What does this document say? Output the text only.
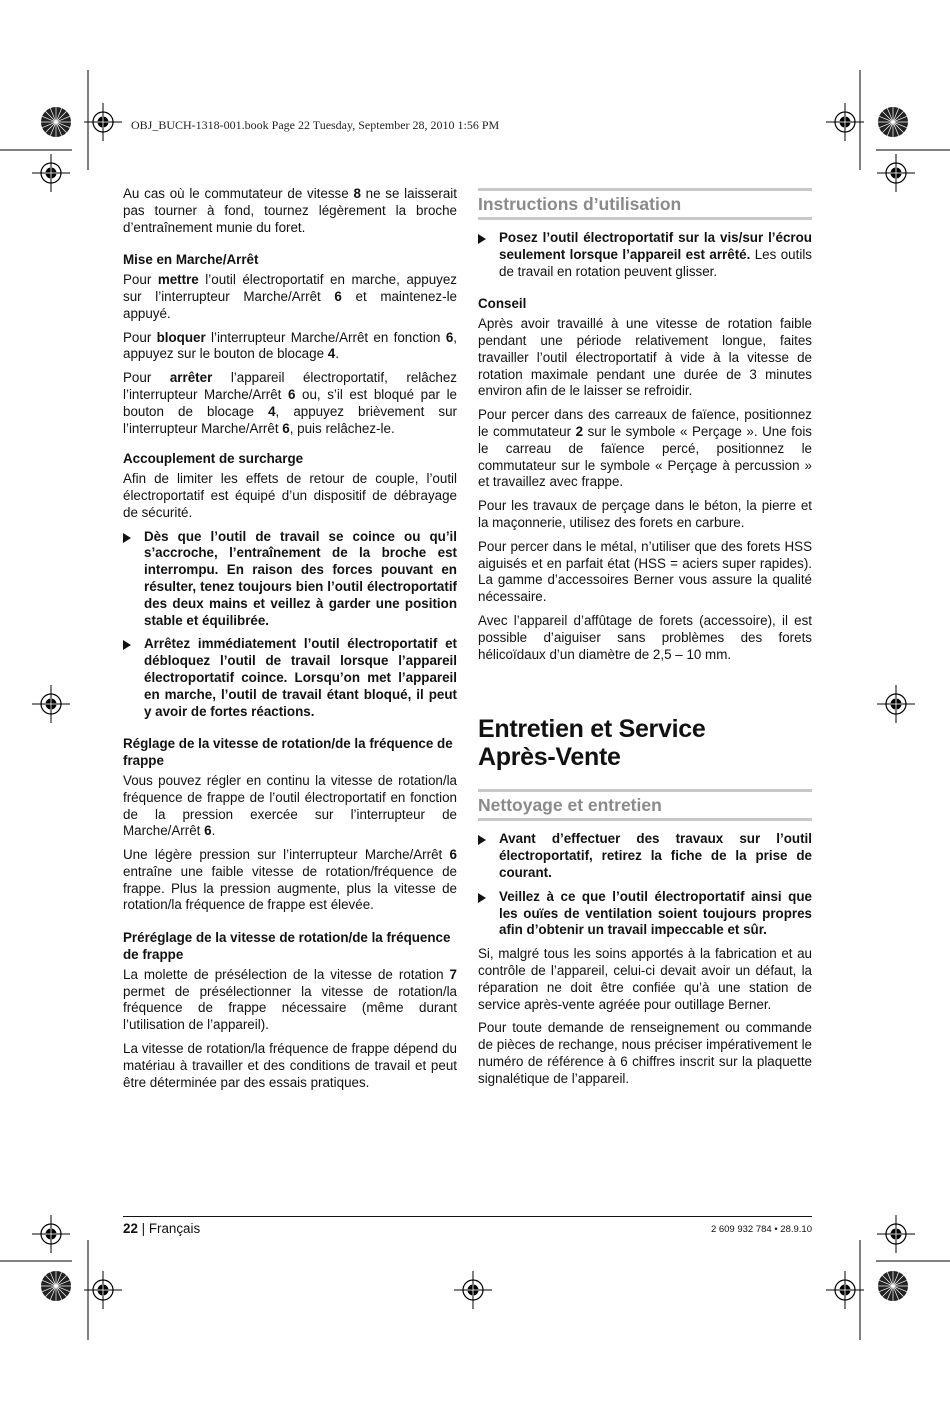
OBJ_BUCH-1318-001.book Page 22 Tuesday, September 28, 2010 1:56 PM

Au cas où le commutateur de vitesse 8 ne se laisserait pas tourner à fond, tournez légèrement la broche d’entraînement munie du foret.

Mise en Marche/Arrêt

Pour mettre l’outil électroportatif en marche, appuyez sur l’interrupteur Marche/Arrêt 6 et maintenez-le appuyé.

Pour bloquer l’interrupteur Marche/Arrêt en fonction 6, appuyez sur le bouton de blocage 4.

Pour arrêter l’appareil électroportatif, relâchez l’interrupteur Marche/Arrêt 6 ou, s’il est bloqué par le bouton de blocage 4, appuyez brièvement sur l’interrupteur Marche/Arrêt 6, puis relâchez-le.

Accouplement de surcharge

Afin de limiter les effets de retour de couple, l’outil électroportatif est équipé d’un dispositif de débrayage de sécurité.

Dès que l’outil de travail se coince ou qu’il s’accroche, l’entraînement de la broche est interrompu. En raison des forces pouvant en résulter, tenez toujours bien l’outil électroportatif des deux mains et veillez à garder une position stable et équilibrée.
Arrêtez immédiatement l’outil électroportatif et débloquez l’outil de travail lorsque l’appareil électroportatif coince. Lorsqu’on met l’appareil en marche, l’outil de travail étant bloqué, il peut y avoir de fortes réactions.
Réglage de la vitesse de rotation/de la fréquence de frappe

Vous pouvez régler en continu la vitesse de rotation/la fréquence de frappe de l’outil électroportatif en fonction de la pression exercée sur l’interrupteur de Marche/Arrêt 6.

Une légère pression sur l’interrupteur Marche/Arrêt 6 entraîne une faible vitesse de rotation/fréquence de frappe. Plus la pression augmente, plus la vitesse de rotation/la fréquence de frappe est élevée.

Préréglage de la vitesse de rotation/de la fréquence de frappe

La molette de présélection de la vitesse de rotation 7 permet de présélectionner la vitesse de rotation/la fréquence de frappe nécessaire (même durant l’utilisation de l’appareil).

La vitesse de rotation/la fréquence de frappe dépend du matériau à travailler et des conditions de travail et peut être déterminée par des essais pratiques.

Instructions d’utilisation
Posez l’outil électroportatif sur la vis/sur l’écrou seulement lorsque l’appareil est arrêté. Les outils de travail en rotation peuvent glisser.
Conseil

Après avoir travaillé à une vitesse de rotation faible pendant une période relativement longue, faites travailler l’outil électroportatif à vide à la vitesse de rotation maximale pendant une durée de 3 minutes environ afin de le laisser se refroidir.

Pour percer dans des carreaux de faïence, positionnez le commutateur 2 sur le symbole « Perçage ». Une fois le carreau de faïence percé, positionnez le commutateur sur le symbole « Perçage à percussion » et travaillez avec frappe.

Pour les travaux de perçage dans le béton, la pierre et la maçonnerie, utilisez des forets en carbure.

Pour percer dans le métal, n’utiliser que des forets HSS aiguisés et en parfait état (HSS = aciers super rapides). La gamme d’accessoires Berner vous assure la qualité nécessaire.

Avec l’appareil d’affûtage de forets (accessoire), il est possible d’aiguiser sans problèmes des forets hélicoïdaux d’un diamètre de 2,5 – 10 mm.

Entretien et Service
Après-Vente
Nettoyage et entretien
Avant d’effectuer des travaux sur l’outil électroportatif, retirez la fiche de la prise de courant.
Veillez à ce que l’outil électroportatif ainsi que les ouïes de ventilation soient toujours propres afin d’obtenir un travail impeccable et sûr.

Si, malgré tous les soins apportés à la fabrication et au contrôle de l’appareil, celui-ci devait avoir un défaut, la réparation ne doit être confiée qu’à une station de service après-vente agréée pour outillage Berner.

Pour toute demande de renseignement ou commande de pièces de rechange, nous préciser impérativement le numéro de référence à 6 chiffres inscrit sur la plaquette signalétique de l’appareil.

22 | Français	2 609 932 784 • 28.9.10
